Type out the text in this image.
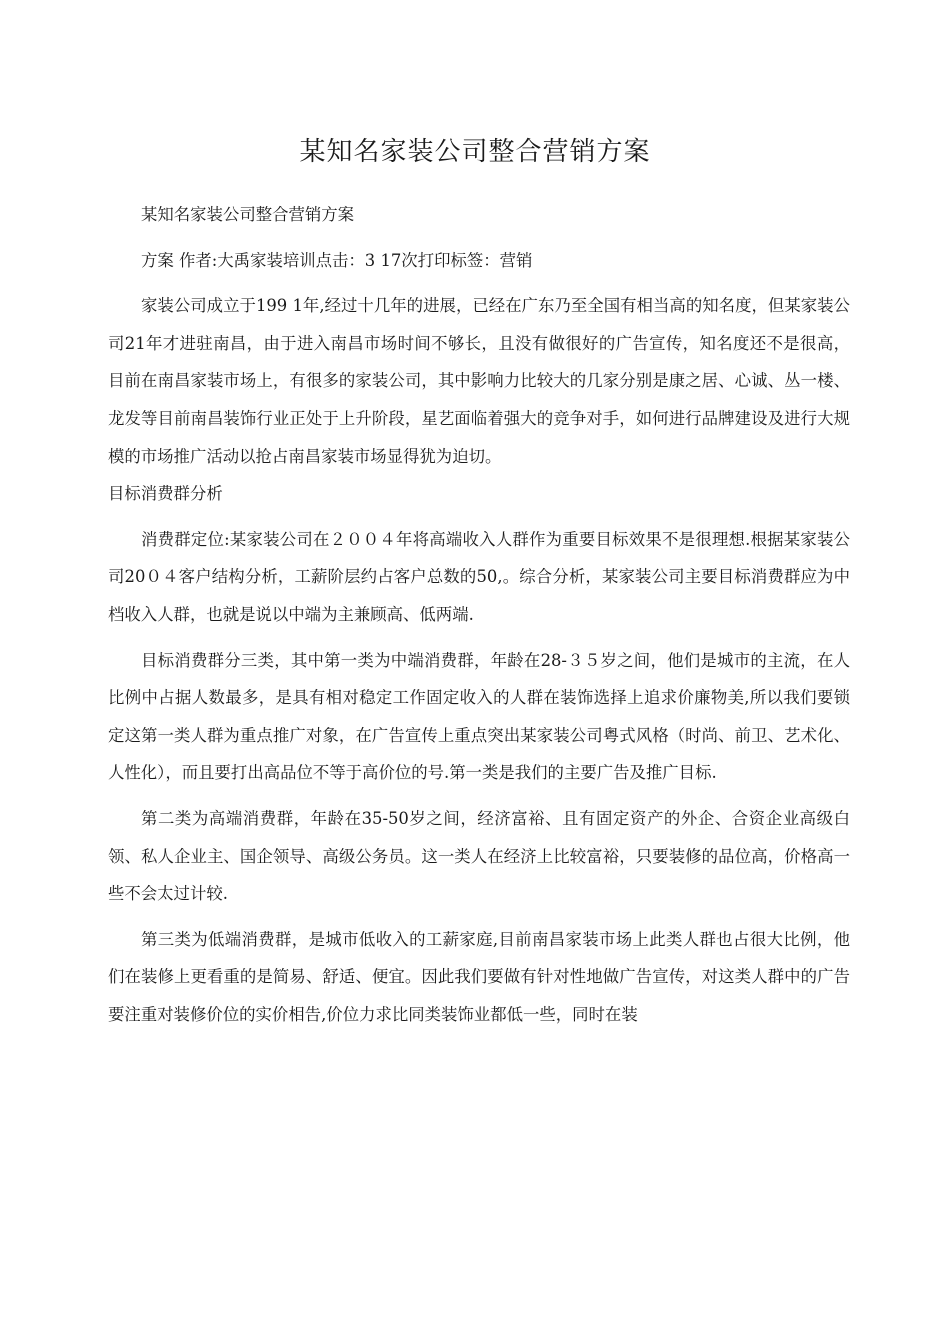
某知名家装公司整合营销方案

某知名家装公司整合营销方案

方案 作者:大禹家装培训点击：3 17次打印标签：营销

家装公司成立于199 1年,经过十几年的进展，已经在广东乃至全国有相当高的知名度，但某家装公司21年才进驻南昌，由于进入南昌市场时间不够长，且没有做很好的广告宣传，知名度还不是很高，目前在南昌家装市场上，有很多的家装公司，其中影响力比较大的几家分别是康之居、心诚、丛一楼、龙发等目前南昌装饰行业正处于上升阶段，星艺面临着强大的竞争对手，如何进行品牌建设及进行大规模的市场推广活动以抢占南昌家装市场显得犹为迫切。

目标消费群分析

消费群定位:某家装公司在２００４年将高端收入人群作为重要目标效果不是很理想.根据某家装公司20０４客户结构分析，工薪阶层约占客户总数的50,。综合分析，某家装公司主要目标消费群应为中档收入人群，也就是说以中端为主兼顾高、低两端.

目标消费群分三类，其中第一类为中端消费群，年龄在28-３５岁之间，他们是城市的主流，在人比例中占据人数最多，是具有相对稳定工作固定收入的人群在装饰选择上追求价廉物美,所以我们要锁定这第一类人群为重点推广对象，在广告宣传上重点突出某家装公司粤式风格（时尚、前卫、艺术化、人性化），而且要打出高品位不等于高价位的号.第一类是我们的主要广告及推广目标.

第二类为高端消费群，年龄在35-50岁之间，经济富裕、且有固定资产的外企、合资企业高级白领、私人企业主、国企领导、高级公务员。这一类人在经济上比较富裕，只要装修的品位高，价格高一些不会太过计较.

第三类为低端消费群，是城市低收入的工薪家庭,目前南昌家装市场上此类人群也占很大比例，他们在装修上更看重的是简易、舒适、便宜。因此我们要做有针对性地做广告宣传，对这类人群中的广告要注重对装修价位的实价相告,价位力求比同类装饰业都低一些，同时在装
